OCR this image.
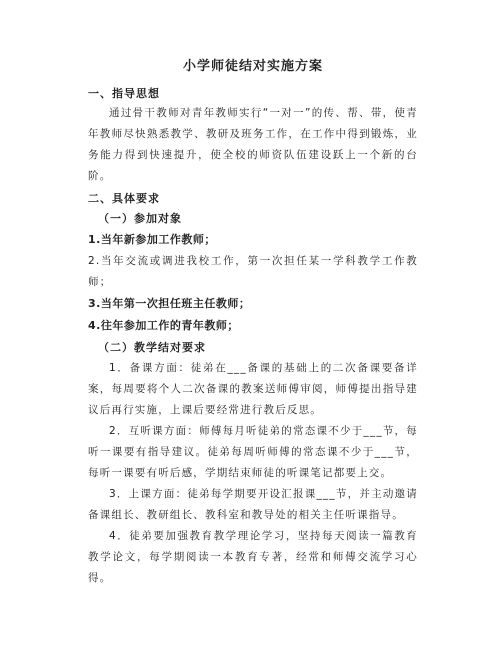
小学师徒结对实施方案
一、指导思想
通过骨干教师对青年教师实行“一对一”的传、帮、带，使青年教师尽快熟悉教学、教研及班务工作，在工作中得到锻炼，业务能力得到快速提升，使全校的师资队伍建设跃上一个新的台阶。
二、具体要求
（一）参加对象
1.当年新参加工作教师；
2.当年交流或调进我校工作，第一次担任某一学科教学工作教师；
3.当年第一次担任班主任教师；
4.往年参加工作的青年教师；
（二）教学结对要求
1．备课方面：徒弟在___备课的基础上的二次备课要备详案，每周要将个人二次备课的教案送师傅审阅，师傅提出指导建议后再行实施，上课后要经常进行教后反思。
2．互听课方面：师傅每月听徒弟的常态课不少于___节，每听一课要有指导建议。徒弟每周听师傅的常态课不少于___节，每听一课要有听后感，学期结束师徒的听课笔记都要上交。
3．上课方面：徒弟每学期要开设汇报课___节，并主动邀请备课组长、教研组长、教科室和教导处的相关主任听课指导。
4．徒弟要加强教育教学理论学习，坚持每天阅读一篇教育教学论文，每学期阅读一本教育专著，经常和师傅交流学习心得。
